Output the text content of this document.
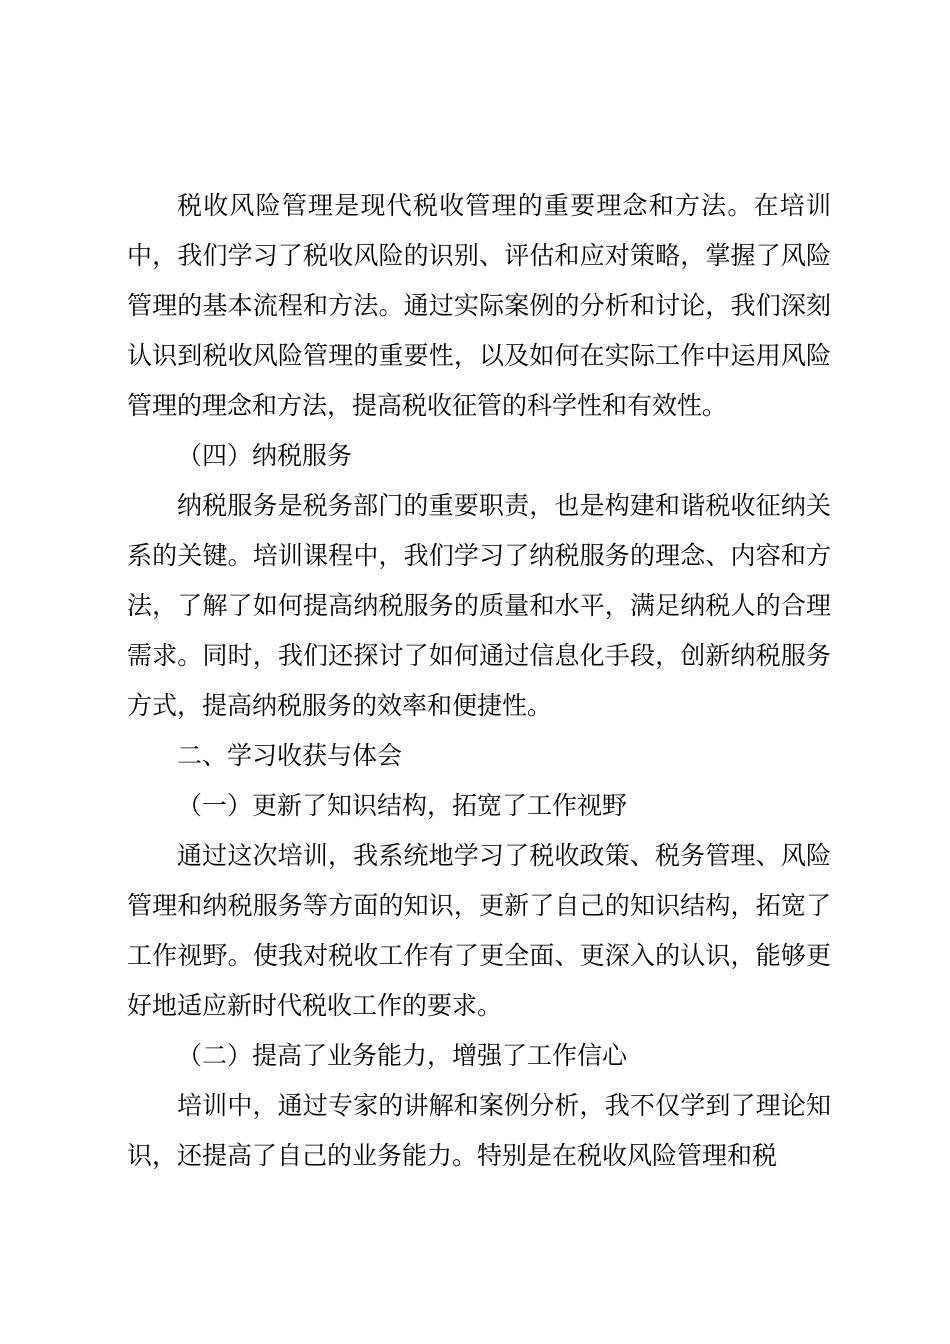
税收风险管理是现代税收管理的重要理念和方法。在培训中，我们学习了税收风险的识别、评估和应对策略，掌握了风险管理的基本流程和方法。通过实际案例的分析和讨论，我们深刻认识到税收风险管理的重要性，以及如何在实际工作中运用风险管理的理念和方法，提高税收征管的科学性和有效性。

（四）纳税服务

纳税服务是税务部门的重要职责，也是构建和谐税收征纳关系的关键。培训课程中，我们学习了纳税服务的理念、内容和方法，了解了如何提高纳税服务的质量和水平，满足纳税人的合理需求。同时，我们还探讨了如何通过信息化手段，创新纳税服务方式，提高纳税服务的效率和便捷性。

二、学习收获与体会

（一）更新了知识结构，拓宽了工作视野

通过这次培训，我系统地学习了税收政策、税务管理、风险管理和纳税服务等方面的知识，更新了自己的知识结构，拓宽了工作视野。使我对税收工作有了更全面、更深入的认识，能够更好地适应新时代税收工作的要求。

（二）提高了业务能力，增强了工作信心

培训中，通过专家的讲解和案例分析，我不仅学到了理论知识，还提高了自己的业务能力。特别是在税收风险管理和税
